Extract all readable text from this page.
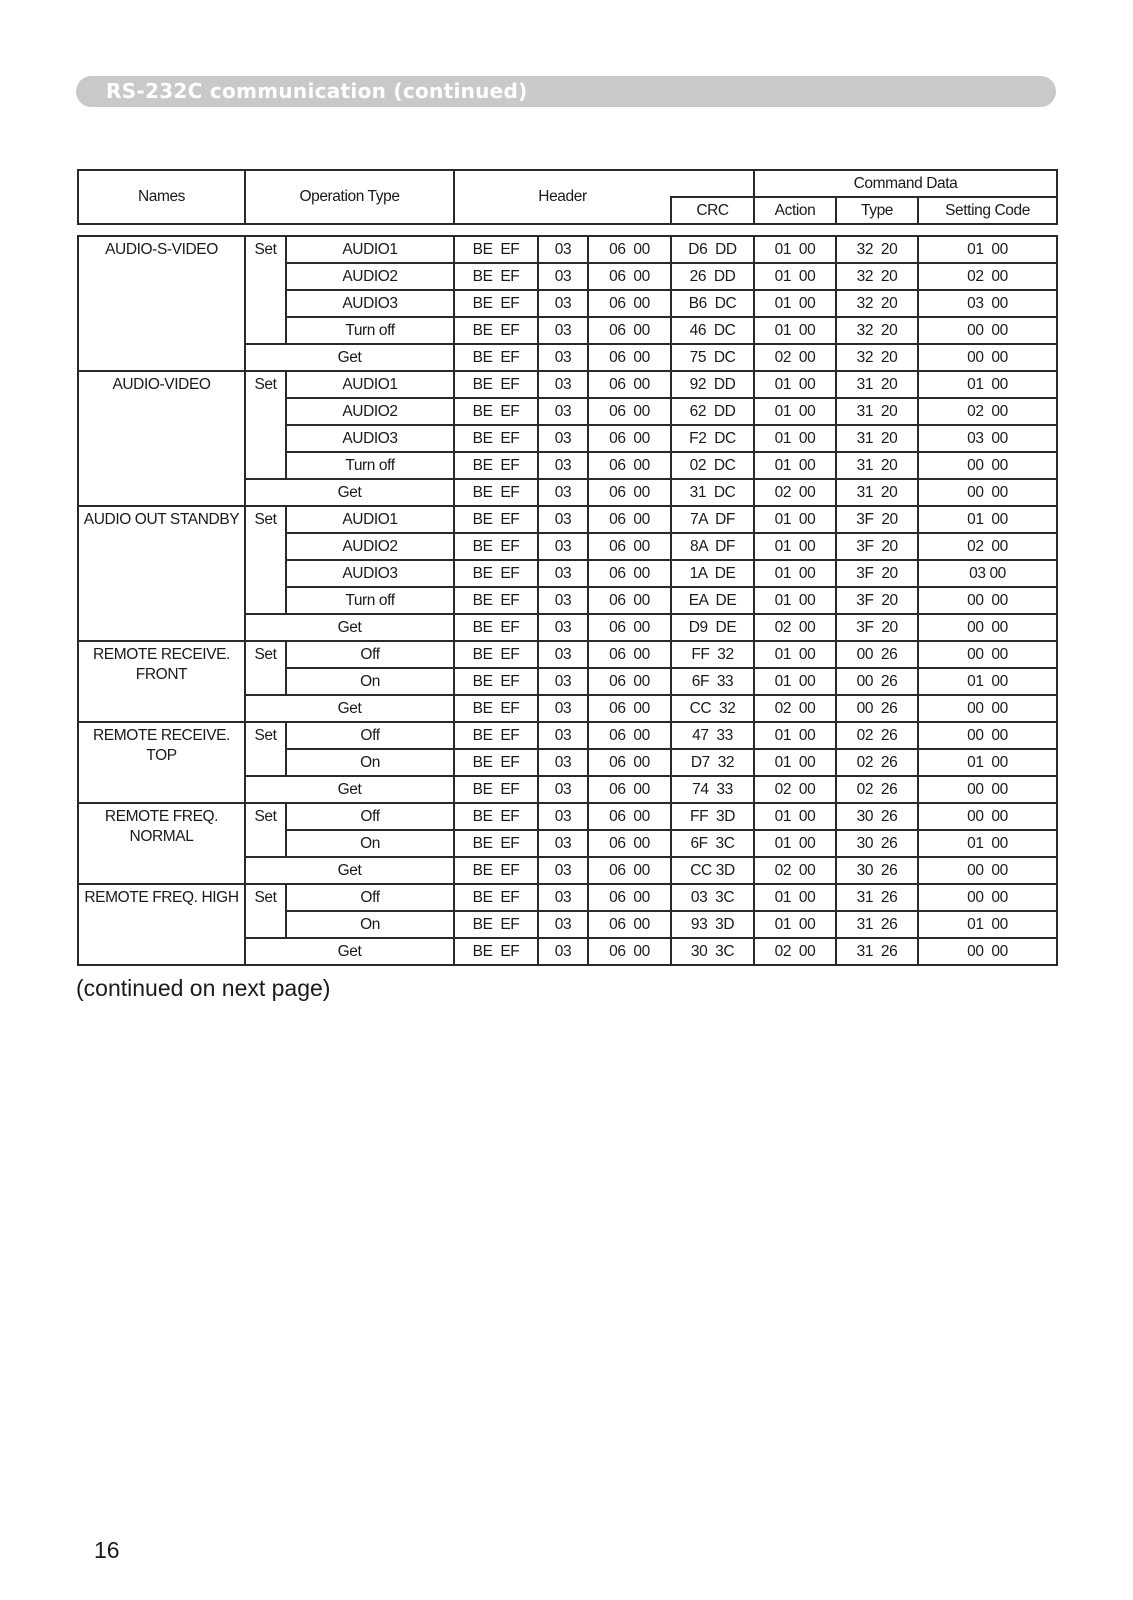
RS-232C communication (continued)
Names	Operation Type		Header				Command Data		
						CRC	Action	Type	Setting Code

AUDIO-S-VIDEO	Set	AUDIO1	BE  EF	03	06  00	D6  DD	01  00	32  20	01  00
		AUDIO2	BE  EF	03	06  00	26  DD	01  00	32  20	02  00
		AUDIO3	BE  EF	03	06  00	B6  DC	01  00	32  20	03  00
		Turn off	BE  EF	03	06  00	46  DC	01  00	32  20	00  00
	Get		BE  EF	03	06  00	75  DC	02  00	32  20	00  00
AUDIO-VIDEO	Set	AUDIO1	BE  EF	03	06  00	92  DD	01  00	31  20	01  00
		AUDIO2	BE  EF	03	06  00	62  DD	01  00	31  20	02  00
		AUDIO3	BE  EF	03	06  00	F2  DC	01  00	31  20	03  00
		Turn off	BE  EF	03	06  00	02  DC	01  00	31  20	00  00
	Get		BE  EF	03	06  00	31  DC	02  00	31  20	00  00
AUDIO OUT STANDBY	Set	AUDIO1	BE  EF	03	06  00	7A  DF	01  00	3F  20	01  00
		AUDIO2	BE  EF	03	06  00	8A  DF	01  00	3F  20	02  00
		AUDIO3	BE  EF	03	06  00	1A  DE	01  00	3F  20	03 00
		Turn off	BE  EF	03	06  00	EA  DE	01  00	3F  20	00  00
	Get		BE  EF	03	06  00	D9  DE	02  00	3F  20	00  00
REMOTE RECEIVE. FRONT	Set	Off	BE  EF	03	06  00	FF  32	01  00	00  26	00  00
		On	BE  EF	03	06  00	6F  33	01  00	00  26	01  00
	Get		BE  EF	03	06  00	CC  32	02  00	00  26	00  00
REMOTE RECEIVE. TOP	Set	Off	BE  EF	03	06  00	47  33	01  00	02  26	00  00
		On	BE  EF	03	06  00	D7  32	01  00	02  26	01  00
	Get		BE  EF	03	06  00	74  33	02  00	02  26	00  00
REMOTE FREQ. NORMAL	Set	Off	BE  EF	03	06  00	FF  3D	01  00	30  26	00  00
		On	BE  EF	03	06  00	6F  3C	01  00	30  26	01  00
	Get		BE  EF	03	06  00	CC 3D	02  00	30  26	00  00
REMOTE FREQ. HIGH	Set	Off	BE  EF	03	06  00	03  3C	01  00	31  26	00  00
		On	BE  EF	03	06  00	93  3D	01  00	31  26	01  00
	Get		BE  EF	03	06  00	30  3C	02  00	31  26	00  00
(continued on next page)
16
